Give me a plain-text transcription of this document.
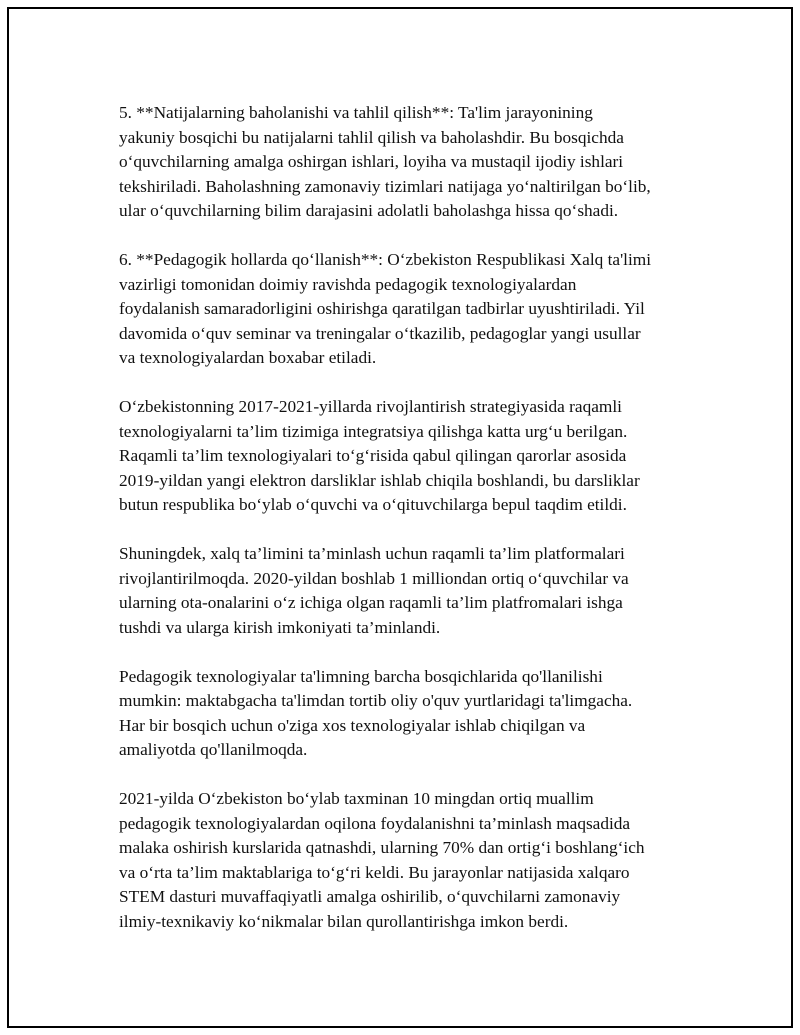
5. **Natijalarning baholanishi va tahlil qilish**: Ta'lim jarayonining
yakuniy bosqichi bu natijalarni tahlil qilish va baholashdir. Bu bosqichda
o‘quvchilarning amalga oshirgan ishlari, loyiha va mustaqil ijodiy ishlari
tekshiriladi. Baholashning zamonaviy tizimlari natijaga yo‘naltirilgan bo‘lib,
ular o‘quvchilarning bilim darajasini adolatli baholashga hissa qo‘shadi.

6. **Pedagogik hollarda qo‘llanish**: O‘zbekiston Respublikasi Xalq ta'limi
vazirligi tomonidan doimiy ravishda pedagogik texnologiyalardan
foydalanish samaradorligini oshirishga qaratilgan tadbirlar uyushtiriladi. Yil
davomida o‘quv seminar va treningalar o‘tkazilib, pedagoglar yangi usullar
va texnologiyalardan boxabar etiladi.

O‘zbekistonning 2017-2021-yillarda rivojlantirish strategiyasida raqamli
texnologiyalarni ta’lim tizimiga integratsiya qilishga katta urg‘u berilgan.
Raqamli ta’lim texnologiyalari to‘g‘risida qabul qilingan qarorlar asosida
2019-yildan yangi elektron darsliklar ishlab chiqila boshlandi, bu darsliklar
butun respublika bo‘ylab o‘quvchi va o‘qituvchilarga bepul taqdim etildi.

Shuningdek, xalq ta’limini ta’minlash uchun raqamli ta’lim platformalari
rivojlantirilmoqda. 2020-yildan boshlab 1 milliondan ortiq o‘quvchilar va
ularning ota-onalarini o‘z ichiga olgan raqamli ta’lim platfromalari ishga
tushdi va ularga kirish imkoniyati ta’minlandi.

Pedagogik texnologiyalar ta'limning barcha bosqichlarida qo'llanilishi
mumkin: maktabgacha ta'limdan tortib oliy o'quv yurtlaridagi ta'limgacha.
Har bir bosqich uchun o'ziga xos texnologiyalar ishlab chiqilgan va
amaliyotda qo'llanilmoqda.

2021-yilda O‘zbekiston bo‘ylab taxminan 10 mingdan ortiq muallim
pedagogik texnologiyalardan oqilona foydalanishni ta’minlash maqsadida
malaka oshirish kurslarida qatnashdi, ularning 70% dan ortig‘i boshlang‘ich
va o‘rta ta’lim maktablariga to‘g‘ri keldi. Bu jarayonlar natijasida xalqaro
STEM dasturi muvaffaqiyatli amalga oshirilib, o‘quvchilarni zamonaviy
ilmiy-texnikaviy ko‘nikmalar bilan qurollantirishga imkon berdi.
